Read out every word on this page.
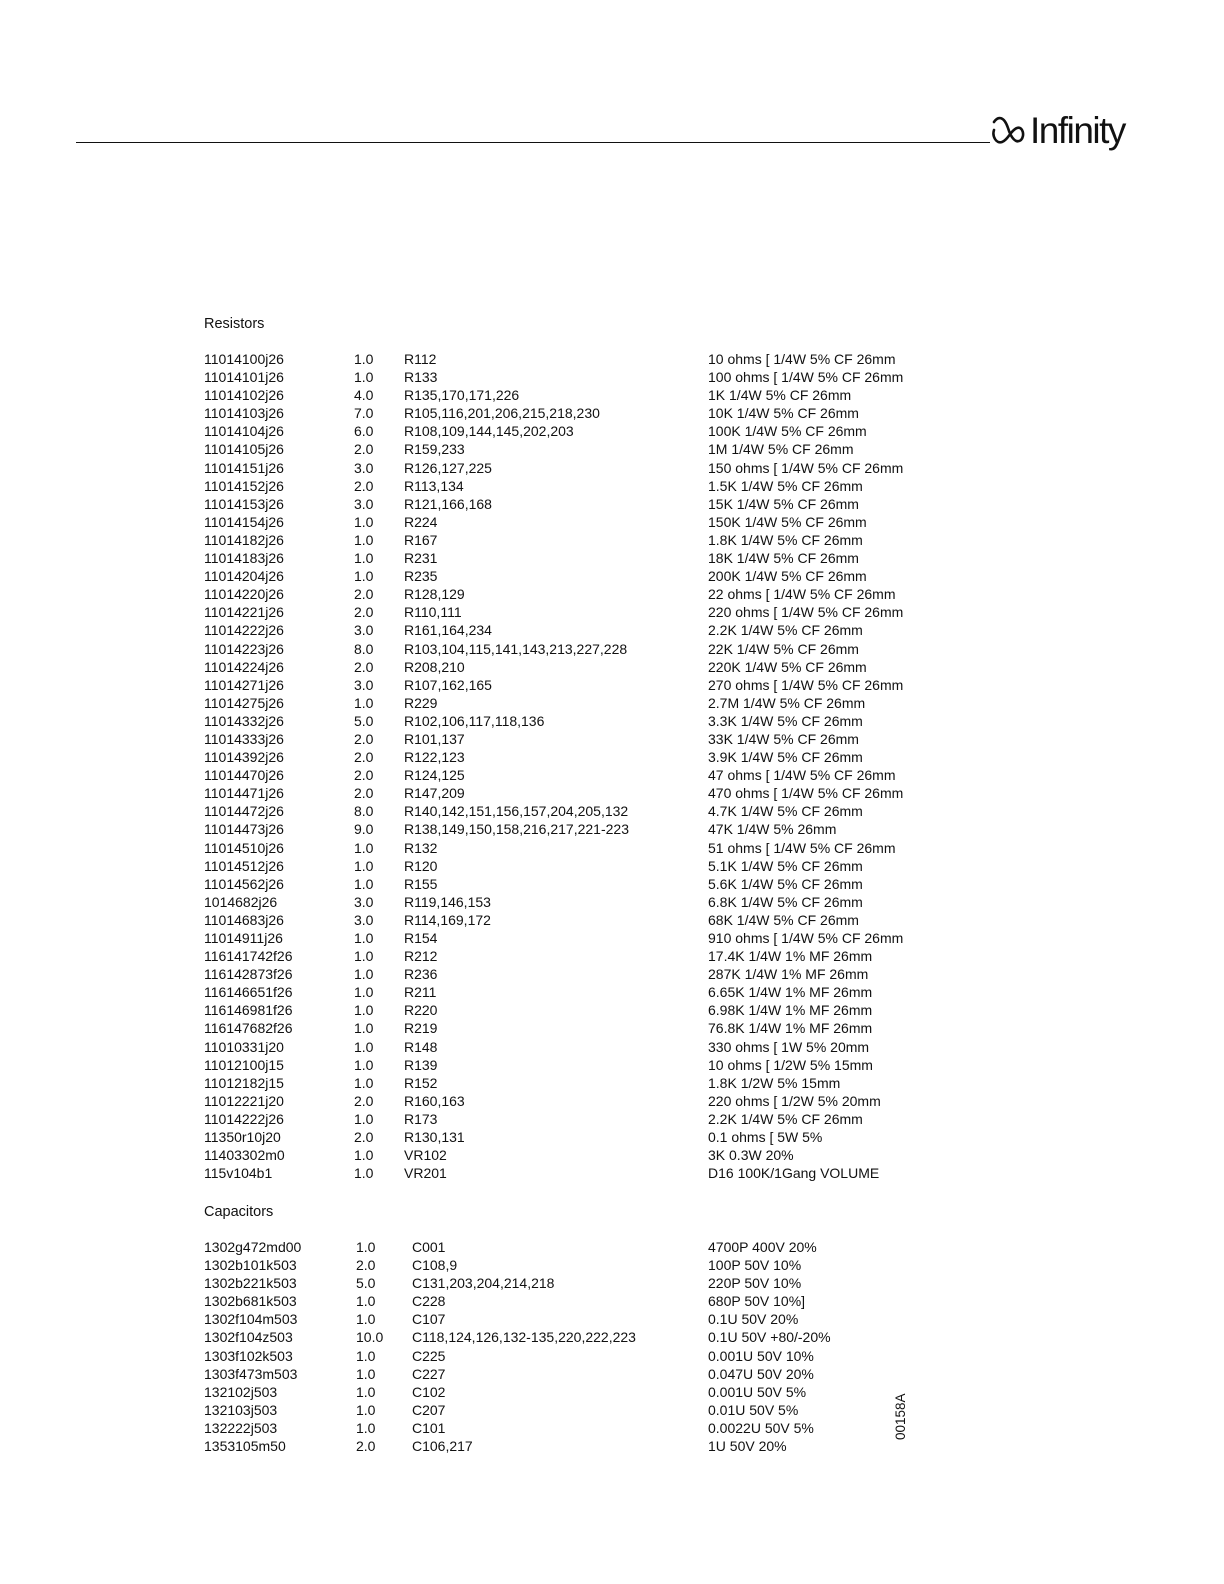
Infinity
Resistors
11014100j26	1.0 R112	10 ohms [ 1/4W 5% CF 26mm
11014101j26	1.0 R133	100 ohms [ 1/4W 5% CF 26mm
11014102j26	4.0 R135,170,171,226	1K 1/4W 5% CF 26mm
11014103j26	7.0 R105,116,201,206,215,218,230	10K 1/4W 5% CF 26mm
11014104j26	6.0 R108,109,144,145,202,203	100K 1/4W 5% CF 26mm
11014105j26	2.0 R159,233	1M 1/4W 5% CF 26mm
11014151j26	3.0 R126,127,225	150 ohms [ 1/4W 5% CF 26mm
11014152j26	2.0 R113,134	1.5K 1/4W 5% CF 26mm
11014153j26	3.0 R121,166,168	15K 1/4W 5% CF 26mm
11014154j26	1.0 R224	150K 1/4W 5% CF 26mm
11014182j26	1.0 R167	1.8K 1/4W 5% CF 26mm
11014183j26	1.0 R231	18K 1/4W 5% CF 26mm
11014204j26	1.0 R235	200K 1/4W 5% CF 26mm
11014220j26	2.0 R128,129	22 ohms [ 1/4W 5% CF 26mm
11014221j26	2.0 R110,111	220 ohms [ 1/4W 5% CF 26mm
11014222j26	3.0 R161,164,234	2.2K 1/4W 5% CF 26mm
11014223j26	8.0 R103,104,115,141,143,213,227,228	22K 1/4W 5% CF 26mm
11014224j26	2.0 R208,210	220K 1/4W 5% CF 26mm
11014271j26	3.0 R107,162,165	270 ohms [ 1/4W 5% CF 26mm
11014275j26	1.0 R229	2.7M 1/4W 5% CF 26mm
11014332j26	5.0 R102,106,117,118,136	3.3K 1/4W 5% CF 26mm
11014333j26	2.0 R101,137	33K 1/4W 5% CF 26mm
11014392j26	2.0 R122,123	3.9K 1/4W 5% CF 26mm
11014470j26	2.0 R124,125	47 ohms [ 1/4W 5% CF 26mm
11014471j26	2.0 R147,209	470 ohms [ 1/4W 5% CF 26mm
11014472j26	8.0 R140,142,151,156,157,204,205,132	4.7K 1/4W 5% CF 26mm
11014473j26	9.0 R138,149,150,158,216,217,221-223	47K 1/4W 5% 26mm
11014510j26	1.0 R132	51 ohms [ 1/4W 5% CF 26mm
11014512j26	1.0 R120	5.1K 1/4W 5% CF 26mm
11014562j26	1.0 R155	5.6K 1/4W 5% CF 26mm
1014682j26	3.0 R119,146,153	6.8K 1/4W 5% CF 26mm
11014683j26	3.0 R114,169,172	68K 1/4W 5% CF 26mm
11014911j26	1.0 R154	910 ohms [ 1/4W 5% CF 26mm
116141742f26	1.0 R212	17.4K 1/4W 1% MF 26mm
116142873f26	1.0 R236	287K 1/4W 1% MF 26mm
116146651f26	1.0 R211	6.65K 1/4W 1% MF 26mm
116146981f26	1.0 R220	6.98K 1/4W 1% MF 26mm
116147682f26	1.0 R219	76.8K 1/4W 1% MF 26mm
11010331j20	1.0 R148	330 ohms [ 1W 5% 20mm
11012100j15	1.0 R139	10 ohms [ 1/2W 5% 15mm
11012182j15	1.0 R152	1.8K 1/2W 5% 15mm
11012221j20	2.0 R160,163	220 ohms [ 1/2W 5% 20mm
11014222j26	1.0 R173	2.2K 1/4W 5% CF 26mm
11350r10j20	2.0 R130,131	0.1 ohms [ 5W 5%
11403302m0	1.0 VR102	3K 0.3W 20%
115v104b1	1.0 VR201	D16 100K/1Gang VOLUME
Capacitors
1302g472md00	1.0	C001	4700P 400V 20%
1302b101k503	2.0	C108,9	100P 50V 10%
1302b221k503	5.0	C131,203,204,214,218	220P 50V 10%
1302b681k503	1.0	C228	680P 50V 10%]
1302f104m503	1.0	C107	0.1U 50V 20%
1302f104z503	10.0 C118,124,126,132-135,220,222,223	0.1U 50V +80/-20%
1303f102k503	1.0	C225	0.001U 50V 10%
1303f473m503	1.0	C227	0.047U 50V 20%
132102j503	1.0	C102	0.001U 50V 5%
132103j503	1.0	C207	0.01U 50V 5%
132222j503	1.0	C101	0.0022U 50V 5%
1353105m50	2.0	C106,217	1U 50V 20%
00158A
